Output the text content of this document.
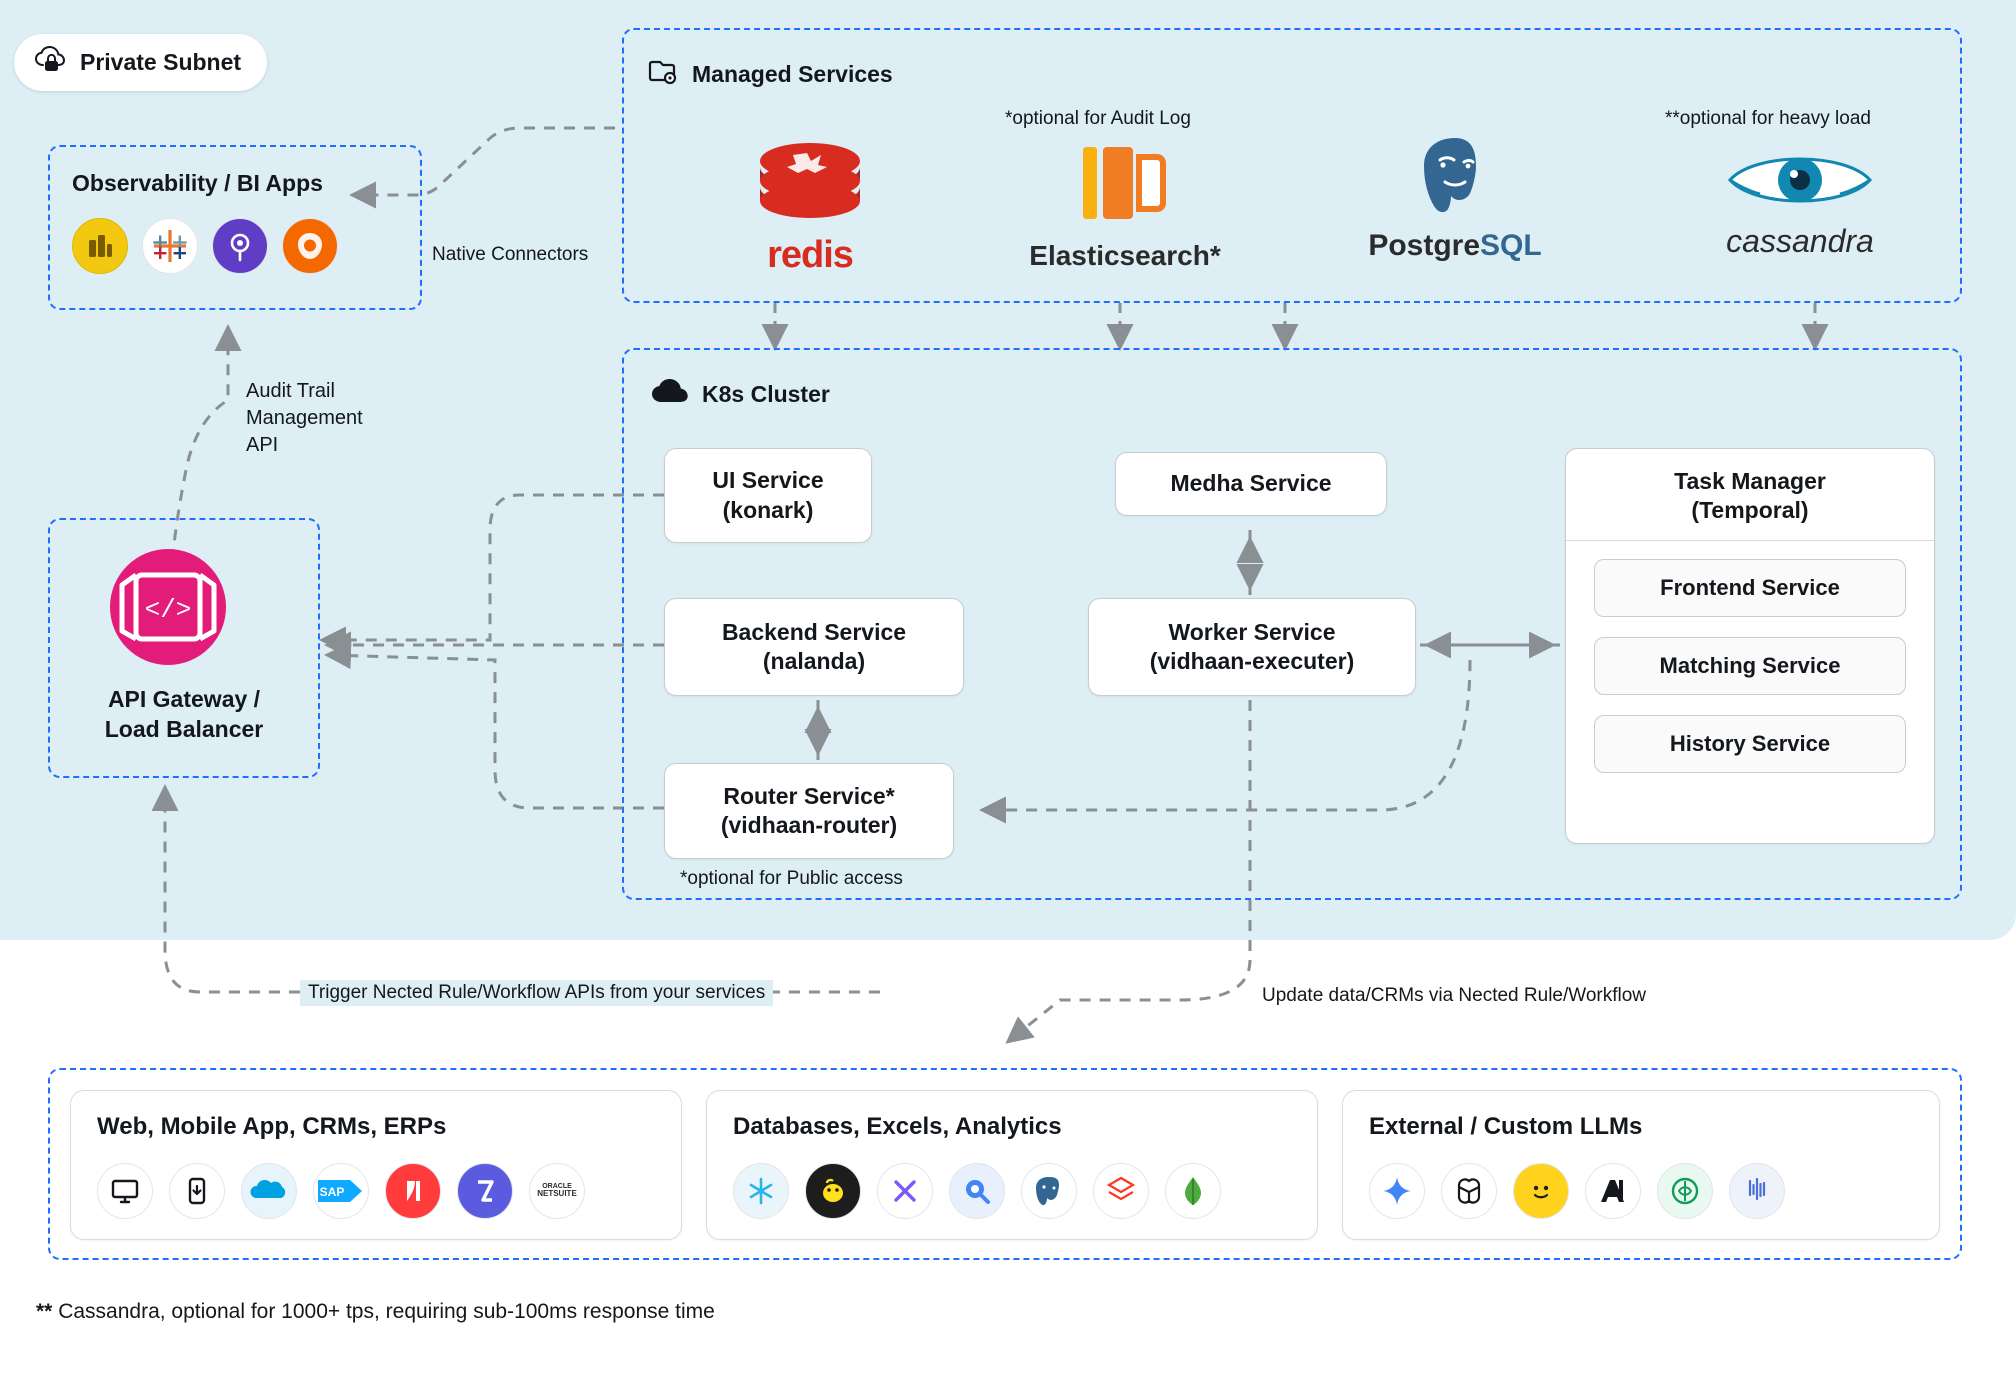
Private Subnet
Observability / BI Apps
Managed Services
*optional for Audit Log	**optional for heavy load
redis	Elasticsearch*	PostgreSQL	cassandra
Native Connectors
K8s Cluster
UI Service
(konark)
Backend Service
(nalanda)
Router Service*
(vidhaan-router)
*optional for Public access
Medha Service
Worker Service
(vidhaan-executer)
Task Manager
(Temporal)
Frontend Service
Matching Service
History Service
</>
API Gateway /
Load Balancer
Audit Trail
Management
API
Trigger Nected Rule/Workflow APIs from your services	Update data/CRMs via Nected Rule/Workflow
Web, Mobile App, CRMs, ERPs
SAP	ORACLE
NETSUITE
Databases, Excels, Analytics	External / Custom LLMs
** Cassandra, optional for 1000+ tps, requiring sub-100ms response time
